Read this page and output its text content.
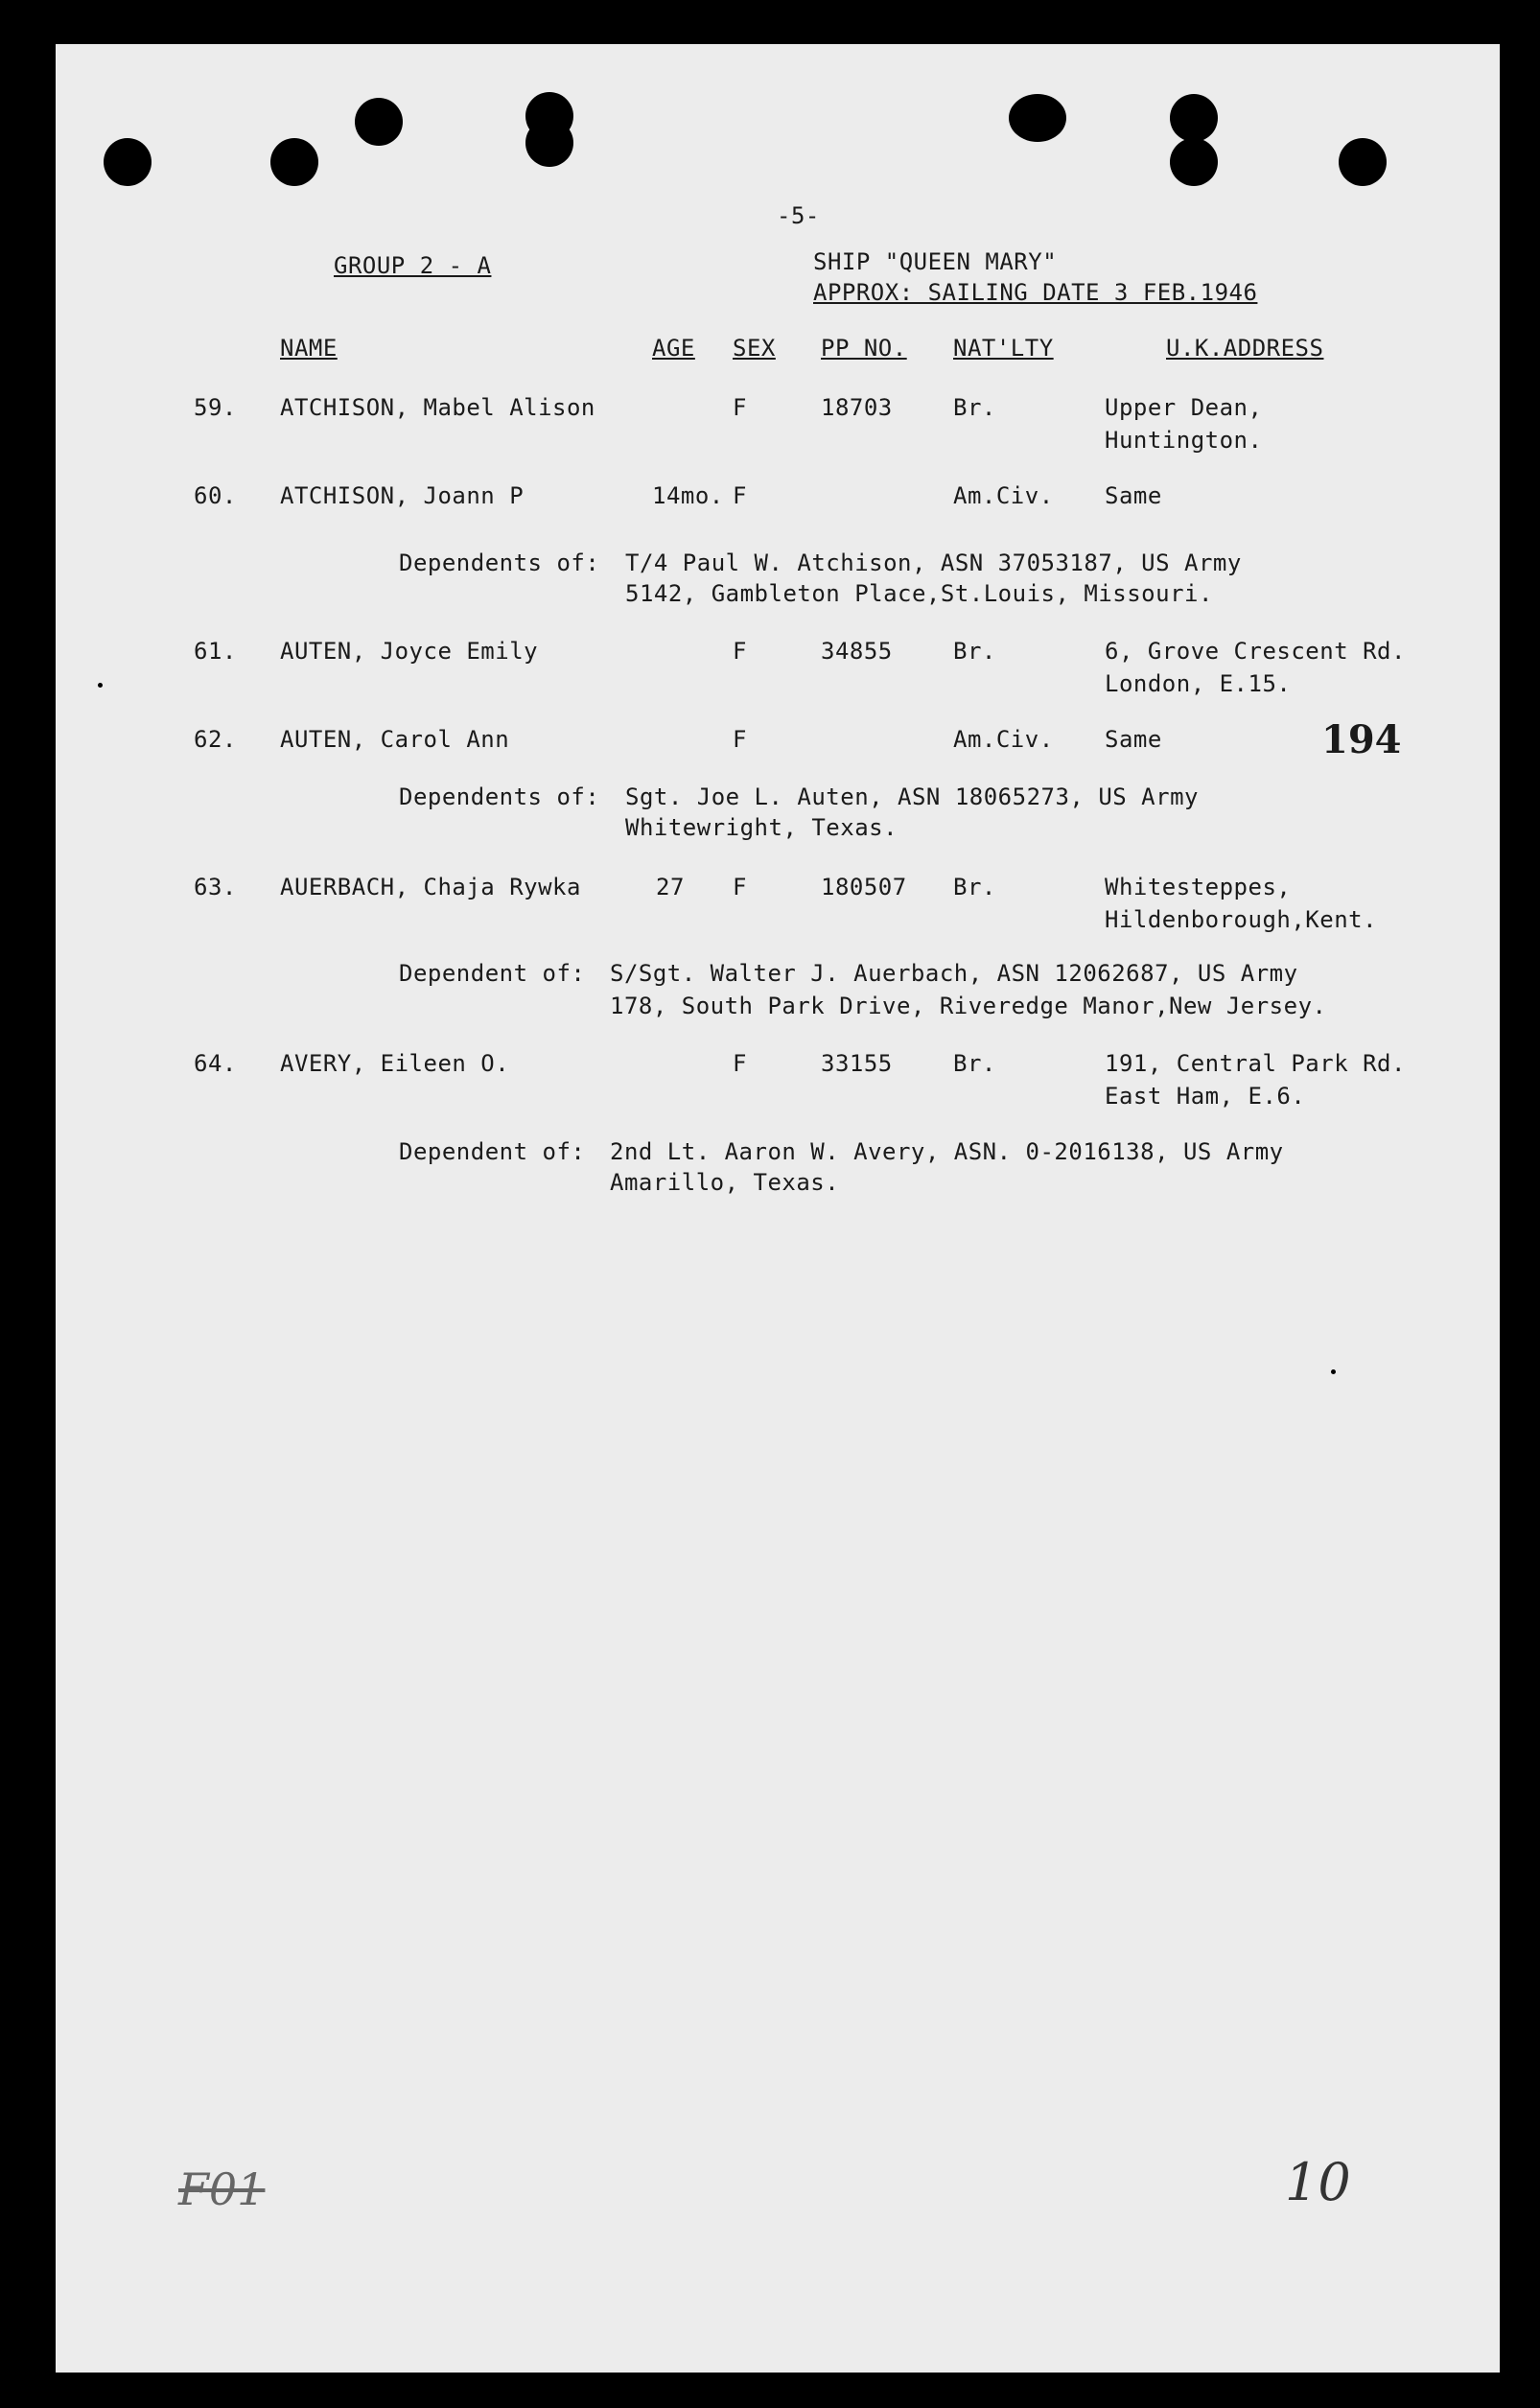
-5-
GROUP 2 - A	SHIP "QUEEN MARY"
APPROX: SAILING DATE 3 FEB.1946
NAME	AGE SEX PP NO. NAT'LTY	U.K.ADDRESS
59. ATCHISON, Mabel Alison	F	18703	Br.	Upper Dean,
Huntington.
60. ATCHISON, Joann P	14mo. F	Am.Civ. Same
Dependents of: T/4 Paul W. Atchison, ASN 37053187, US Army
5142, Gambleton Place,St.Louis, Missouri.
61. AUTEN, Joyce Emily	F	34855	Br.	6, Grove Crescent Rd.
London, E.15.
62. AUTEN, Carol Ann	F	Am.Civ. Same	194
Dependents of: Sgt. Joe L. Auten, ASN 18065273, US Army
Whitewright, Texas.
63. AUERBACH, Chaja Rywka	27 F	180507 Br.	Whitesteppes,
Hildenborough,Kent.
Dependent of: S/Sgt. Walter J. Auerbach, ASN 12062687, US Army
178, South Park Drive, Riveredge Manor,New Jersey.
64. AVERY, Eileen O.	F	33155	Br.	191, Central Park Rd.
East Ham, E.6.
Dependent of: 2nd Lt. Aaron W. Avery, ASN. 0-2016138, US Army
Amarillo, Texas.
F01	10
